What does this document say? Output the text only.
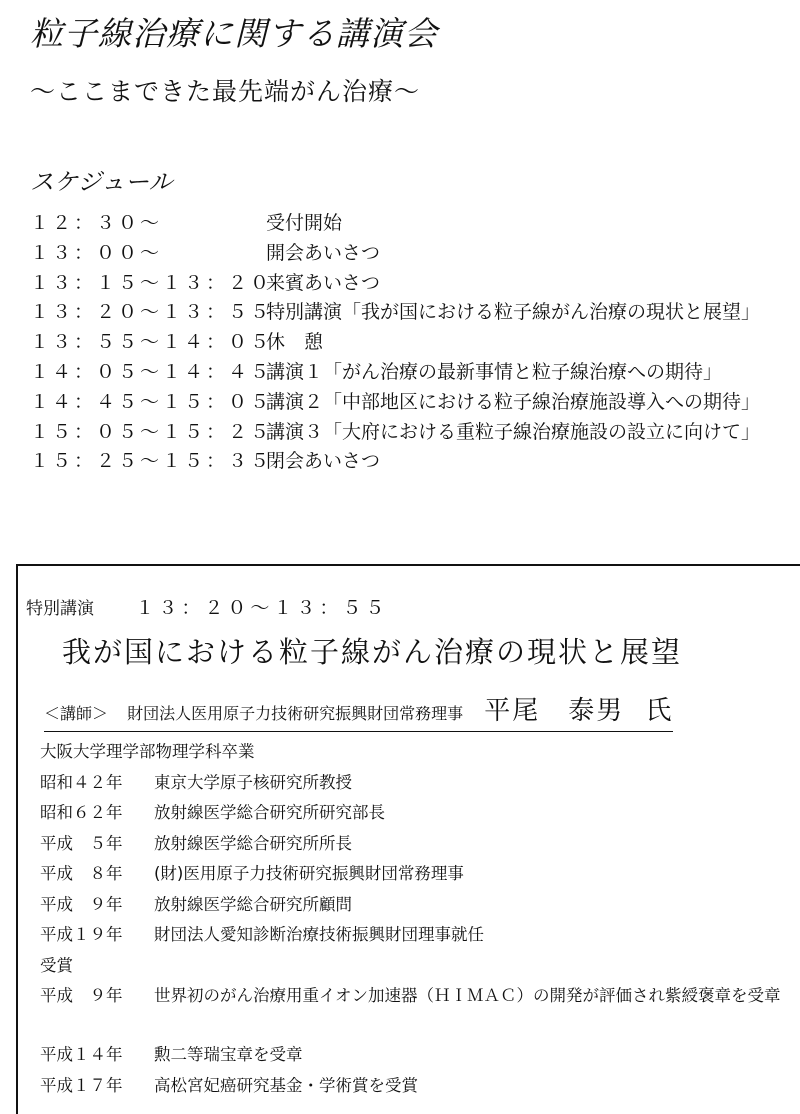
粒子線治療に関する講演会
～ここまできた最先端がん治療～
スケジュール
１２：３０～	受付開始
１３：００～	開会あいさつ
１３：１５～１３：２０
来賓あいさつ
１３：２０～１３：５５
特別講演「我が国における粒子線がん治療の現状と展望」
１３：５５～１４：０５
休　憩
１４：０５～１４：４５
講演１「がん治療の最新事情と粒子線治療への期待」
１４：４５～１５：０５
講演２「中部地区における粒子線治療施設導入への期待」
１５：０５～１５：２５
講演３「大府における重粒子線治療施設の設立に向けて」
１５：２５～１５：３５
閉会あいさつ
特別講演 １３：２０～１３：５５
我が国における粒子線がん治療の現状と展望
＜講師＞ 財団法人医用原子力技術研究振興財団常務理事 平尾　泰男 氏
大阪大学理学部物理学科卒業
昭和４２年 東京大学原子核研究所教授
昭和６２年 放射線医学総合研究所研究部長
平成　５年 放射線医学総合研究所所長
平成　８年 (財)医用原子力技術研究振興財団常務理事
平成　９年 放射線医学総合研究所顧問
平成１９年 財団法人愛知診断治療技術振興財団理事就任
受賞
平成　９年 世界初のがん治療用重イオン加速器（ＨＩＭＡＣ）の開発が評価され紫綬褒章を受章
平成１４年 勲二等瑞宝章を受章
平成１７年 高松宮妃癌研究基金・学術賞を受賞
